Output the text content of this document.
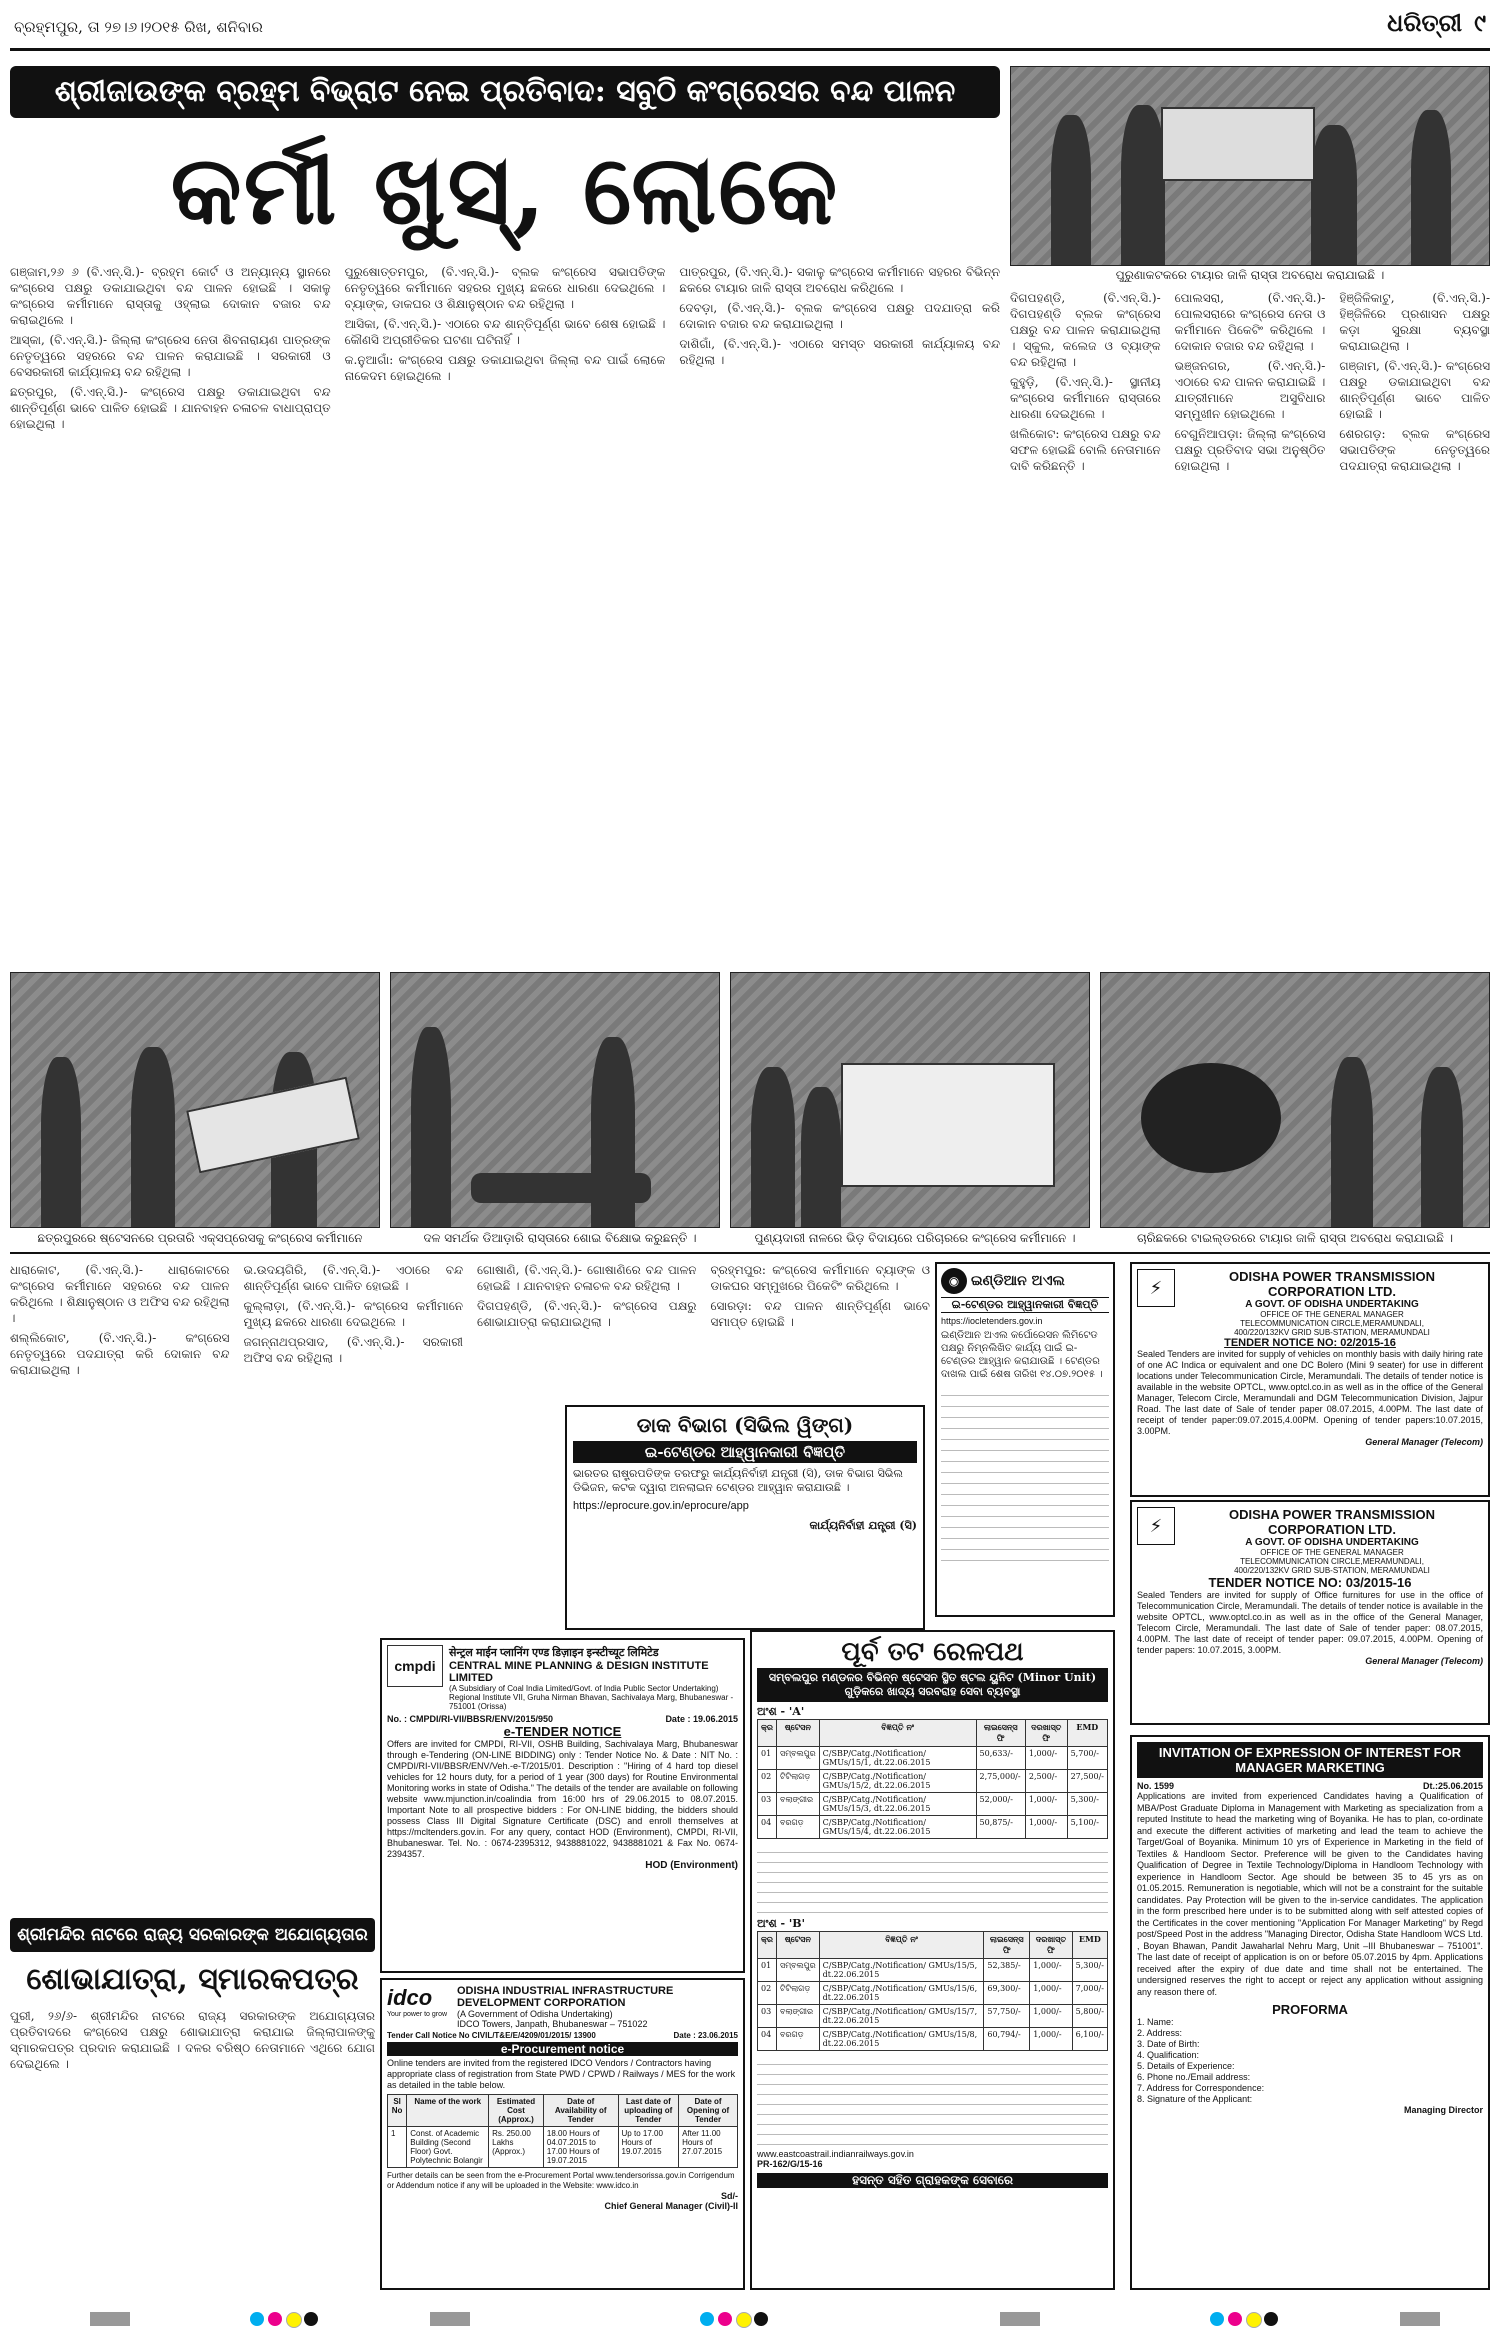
ବ୍ରହ୍ମପୁର, ତା ୨୭।୬।୨୦୧୫ ରିଖ, ଶନିବାର	ଧରିତ୍ରୀ ୯
ଶ୍ରୀଜାଉଙ୍କ ବ୍ରହ୍ମ ବିଭ୍ରାଟ ନେଇ ପ୍ରତିବାଦ: ସବୁଠି କଂଗ୍ରେସର ବନ୍ଦ ପାଳନ
କର୍ମୀ ଖୁସ୍‌, ଲୋକେ
ପୁରୁଣାକଟକରେ ଟାୟାର ଜାଳି ରାସ୍ତା ଅବରୋଧ କରାଯାଇଛି ।

ଗଞ୍ଜାମ,୨୬ ୬ (ବି.ଏନ୍‌.ସି.)- ବ୍ରହ୍ମ କୋର୍ଟ ଓ ଅନ୍ୟାନ୍ୟ ସ୍ଥାନରେ କଂଗ୍ରେସ ପକ୍ଷରୁ ଡକାଯାଇଥିବା ବନ୍ଦ ପାଳନ ହୋଇଛି । ସକାଳୁ କଂଗ୍ରେସ କର୍ମୀମାନେ ରାସ୍ତାକୁ ଓହ୍ଲାଇ ଦୋକାନ ବଜାର ବନ୍ଦ କରାଇଥିଲେ ।

ଆସ୍କା, (ବି.ଏନ୍‌.ସି.)- ଜିଲ୍ଲା କଂଗ୍ରେସ ନେତା ଶିବନାରାୟଣ ପାତ୍ରଙ୍କ ନେତୃତ୍ୱରେ ସହରରେ ବନ୍ଦ ପାଳନ କରାଯାଇଛି । ସରକାରୀ ଓ ବେସରକାରୀ କାର୍ଯ୍ୟାଳୟ ବନ୍ଦ ରହିଥିଲା ।

ଛତ୍ରପୁର, (ବି.ଏନ୍‌.ସି.)- କଂଗ୍ରେସ ପକ୍ଷରୁ ଡକାଯାଇଥିବା ବନ୍ଦ ଶାନ୍ତିପୂର୍ଣ୍ଣ ଭାବେ ପାଳିତ ହୋଇଛି । ଯାନବାହନ ଚଳାଚଳ ବାଧାପ୍ରାପ୍ତ ହୋଇଥିଲା ।

ପୁରୁଷୋତ୍ତମପୁର, (ବି.ଏନ୍‌.ସି.)- ବ୍ଲକ କଂଗ୍ରେସ ସଭାପତିଙ୍କ ନେତୃତ୍ୱରେ କର୍ମୀମାନେ ସହରର ମୁଖ୍ୟ ଛକରେ ଧାରଣା ଦେଇଥିଲେ । ବ୍ୟାଙ୍କ, ଡାକଘର ଓ ଶିକ୍ଷାନୁଷ୍ଠାନ ବନ୍ଦ ରହିଥିଲା ।

ଆସିକା, (ବି.ଏନ୍‌.ସି.)- ଏଠାରେ ବନ୍ଦ ଶାନ୍ତିପୂର୍ଣ୍ଣ ଭାବେ ଶେଷ ହୋଇଛି । କୌଣସି ଅପ୍ରୀତିକର ଘଟଣା ଘଟିନାହିଁ ।

କ.ନୁଆଗାଁ: କଂଗ୍ରେସ ପକ୍ଷରୁ ଡକାଯାଇଥିବା ଜିଲ୍ଲା ବନ୍ଦ ପାଇଁ ଲୋକେ ନାକେଦମ ହୋଇଥିଲେ ।

ପାତ୍ରପୁର, (ବି.ଏନ୍‌.ସି.)- ସକାଳୁ କଂଗ୍ରେସ କର୍ମୀମାନେ ସହରର ବିଭିନ୍ନ ଛକରେ ଟାୟାର ଜାଳି ରାସ୍ତା ଅବରୋଧ କରିଥିଲେ ।

ଦେବଡ଼ା, (ବି.ଏନ୍‌.ସି.)- ବ୍ଲକ କଂଗ୍ରେସ ପକ୍ଷରୁ ପଦଯାତ୍ରା କରି ଦୋକାନ ବଜାର ବନ୍ଦ କରାଯାଇଥିଲା ।

ଦାଶିଗାଁ, (ବି.ଏନ୍‌.ସି.)- ଏଠାରେ ସମସ୍ତ ସରକାରୀ କାର୍ଯ୍ୟାଳୟ ବନ୍ଦ ରହିଥିଲା ।

ଦିଗପହଣ୍ଡି, (ବି.ଏନ୍‌.ସି.)- ଦିଗପହଣ୍ଡି ବ୍ଲକ କଂଗ୍ରେସ ପକ୍ଷରୁ ବନ୍ଦ ପାଳନ କରାଯାଇଥିଲା । ସ୍କୁଲ, କଲେଜ ଓ ବ୍ୟାଙ୍କ ବନ୍ଦ ରହିଥିଲା ।

କୁହୁଡ଼ି, (ବି.ଏନ୍‌.ସି.)- ସ୍ଥାନୀୟ କଂଗ୍ରେସ କର୍ମୀମାନେ ରାସ୍ତାରେ ଧାରଣା ଦେଇଥିଲେ ।

ଖଲିକୋଟ: କଂଗ୍ରେସ ପକ୍ଷରୁ ବନ୍ଦ ସଫଳ ହୋଇଛି ବୋଲି ନେତାମାନେ ଦାବି କରିଛନ୍ତି ।

ପୋଲସରା, (ବି.ଏନ୍‌.ସି.)- ପୋଲସରାରେ କଂଗ୍ରେସ ନେତା ଓ କର୍ମୀମାନେ ପିକେଟିଂ କରିଥିଲେ । ଦୋକାନ ବଜାର ବନ୍ଦ ରହିଥିଲା ।

ଭଞ୍ଜନଗର, (ବି.ଏନ୍‌.ସି.)- ଏଠାରେ ବନ୍ଦ ପାଳନ କରାଯାଇଛି । ଯାତ୍ରୀମାନେ ଅସୁବିଧାର ସମ୍ମୁଖୀନ ହୋଇଥିଲେ ।

ବେଗୁନିଆପଡ଼ା: ଜିଲ୍ଲା କଂଗ୍ରେସ ପକ୍ଷରୁ ପ୍ରତିବାଦ ସଭା ଅନୁଷ୍ଠିତ ହୋଇଥିଲା ।

ହିଞ୍ଜିଳିକାଟୁ, (ବି.ଏନ୍‌.ସି.)- ହିଞ୍ଜିଳିରେ ପ୍ରଶାସନ ପକ୍ଷରୁ କଡ଼ା ସୁରକ୍ଷା ବ୍ୟବସ୍ଥା କରାଯାଇଥିଲା ।

ଗଞ୍ଜାମ, (ବି.ଏନ୍‌.ସି.)- କଂଗ୍ରେସ ପକ୍ଷରୁ ଡକାଯାଇଥିବା ବନ୍ଦ ଶାନ୍ତିପୂର୍ଣ୍ଣ ଭାବେ ପାଳିତ ହୋଇଛି ।

ଶେରଗଡ଼: ବ୍ଲକ କଂଗ୍ରେସ ସଭାପତିଙ୍କ ନେତୃତ୍ୱରେ ପଦଯାତ୍ରା କରାଯାଇଥିଲା ।

ଛତ୍ରପୁରରେ ଷ୍ଟେସନରେ ପ୍ରତାରି ଏକ୍ସପ୍ରେସକୁ କଂଗ୍ରେସ କର୍ମୀମାନେ	ଦଳ ସମର୍ଥକ ଡିଆଡ଼ାରି ରାସ୍ତାରେ ଶୋଇ ବିକ୍ଷୋଭ କରୁଛନ୍ତି ।	ପୁଣ୍ୟଦାରୀ ନାଳରେ ଭିଡ଼ ବିଦାୟରେ ପରିଚାରରେ କଂଗ୍ରେସ କର୍ମୀମାନେ ।	ଚାରିଛକରେ ଟାଇଲ୍ଡରରେ ଟାୟାର ଜାଳି ରାସ୍ତା ଅବରୋଧ କରାଯାଇଛି ।

ଧାରାକୋଟ, (ବି.ଏନ୍‌.ସି.)- ଧାରାକୋଟରେ କଂଗ୍ରେସ କର୍ମୀମାନେ ସହରରେ ବନ୍ଦ ପାଳନ କରିଥିଲେ । ଶିକ୍ଷାନୁଷ୍ଠାନ ଓ ଅଫିସ ବନ୍ଦ ରହିଥିଲା ।

ଶଲ୍ଲିକୋଟ, (ବି.ଏନ୍‌.ସି.)- କଂଗ୍ରେସ ନେତୃତ୍ୱରେ ପଦଯାତ୍ରା କରି ଦୋକାନ ବନ୍ଦ କରାଯାଇଥିଲା ।

ଭ.ଉଦୟଗିରି, (ବି.ଏନ୍‌.ସି.)- ଏଠାରେ ବନ୍ଦ ଶାନ୍ତିପୂର୍ଣ୍ଣ ଭାବେ ପାଳିତ ହୋଇଛି ।

କୁଲ୍ଲାଡ଼ା, (ବି.ଏନ୍‌.ସି.)- କଂଗ୍ରେସ କର୍ମୀମାନେ ମୁଖ୍ୟ ଛକରେ ଧାରଣା ଦେଇଥିଲେ ।

ଜଗନ୍ନାଥପ୍ରସାଦ, (ବି.ଏନ୍‌.ସି.)- ସରକାରୀ ଅଫିସ ବନ୍ଦ ରହିଥିଲା ।

ଗୋଷାଣି, (ବି.ଏନ୍‌.ସି.)- ଗୋଷାଣିରେ ବନ୍ଦ ପାଳନ ହୋଇଛି । ଯାନବାହନ ଚଳାଚଳ ବନ୍ଦ ରହିଥିଲା ।

ଦିଗପହଣ୍ଡି, (ବି.ଏନ୍‌.ସି.)- କଂଗ୍ରେସ ପକ୍ଷରୁ ଶୋଭାଯାତ୍ରା କରାଯାଇଥିଲା ।

ବ୍ରହ୍ମପୁର: କଂଗ୍ରେସ କର୍ମୀମାନେ ବ୍ୟାଙ୍କ ଓ ଡାକଘର ସମ୍ମୁଖରେ ପିକେଟିଂ କରିଥିଲେ ।

ସୋରଡ଼ା: ବନ୍ଦ ପାଳନ ଶାନ୍ତିପୂର୍ଣ୍ଣ ଭାବେ ସମାପ୍ତ ହୋଇଛି ।

ଡାକ ବିଭାଗ (ସିଭିଲ ୱିଙ୍ଗ)
ଇ-ଟେଣ୍ଡର ଆହ୍ୱାନକାରୀ ବିଜ୍ଞପ୍ତି
ଭାରତର ରାଷ୍ଟ୍ରପତିଙ୍କ ତରଫରୁ କାର୍ଯ୍ୟନିର୍ବାହୀ ଯନ୍ତ୍ରୀ (ସି), ଡାକ ବିଭାଗ ସିଭିଲ ଡିଭିଜନ, କଟକ ଦ୍ୱାରା ଅନଲାଇନ ଟେଣ୍ଡର ଆହ୍ୱାନ କରାଯାଉଛି ।
https://eprocure.gov.in/eprocure/app
କାର୍ଯ୍ୟନିର୍ବାହୀ ଯନ୍ତ୍ରୀ (ସି)
ଶ୍ରୀମନ୍ଦିର ନାଟରେ ରାଜ୍ୟ ସରକାରଙ୍କ ଅଯୋଗ୍ୟତାର
ଶୋଭାଯାତ୍ରା, ସ୍ମାରକପତ୍ର
ପୁରୀ, ୨୬/୬- ଶ୍ରୀମନ୍ଦିର ନାଟରେ ରାଜ୍ୟ ସରକାରଙ୍କ ଅଯୋଗ୍ୟତାର ପ୍ରତିବାଦରେ କଂଗ୍ରେସ ପକ୍ଷରୁ ଶୋଭାଯାତ୍ରା କରାଯାଇ ଜିଲ୍ଲାପାଳଙ୍କୁ ସ୍ମାରକପତ୍ର ପ୍ରଦାନ କରାଯାଇଛି । ଦଳର ବରିଷ୍ଠ ନେତାମାନେ ଏଥିରେ ଯୋଗ ଦେଇଥିଲେ ।
cmpdi
सेन्ट्रल माईन प्लानिंग एण्ड डिज़ाइन इन्स्टीच्यूट लिमिटेड
CENTRAL MINE PLANNING & DESIGN INSTITUTE LIMITED
(A Subsidiary of Coal India Limited/Govt. of India Public Sector Undertaking)
Regional Institute VII, Gruha Nirman Bhavan, Sachivalaya Marg, Bhubaneswar - 751001 (Orissa)
No. : CMPDI/RI-VII/BBSR/ENV/2015/950	Date : 19.06.2015
e-TENDER NOTICE
Offers are invited for CMPDI, RI-VII, OSHB Building, Sachivalaya Marg, Bhubaneswar through e-Tendering (ON-LINE BIDDING) only : Tender Notice No. & Date : NIT No. : CMPDI/RI-VII/BBSR/ENV/Veh.-e-T/2015/01. Description : "Hiring of 4 hard top diesel vehicles for 12 hours duty, for a period of 1 year (300 days) for Routine Environmental Monitoring works in state of Odisha." The details of the tender are available on following website www.mjunction.in/coalindia from 16:00 hrs of 29.06.2015 to 08.07.2015. Important Note to all prospective bidders : For ON-LINE bidding, the bidders should possess Class III Digital Signature Certificate (DSC) and enroll themselves at https://mcltenders.gov.in. For any query, contact HOD (Environment), CMPDI, RI-VII, Bhubaneswar. Tel. No. : 0674-2395312, 9438881022, 9438881021 & Fax No. 0674-2394357.
HOD (Environment)
idco
Your power to grow
ODISHA INDUSTRIAL INFRASTRUCTURE DEVELOPMENT CORPORATION
(A Government of Odisha Undertaking)
IDCO Towers, Janpath, Bhubaneswar – 751022
Tender Call Notice No CIVIL/T&E/E/4209/01/2015/ 13900	Date : 23.06.2015
e-Procurement notice
Online tenders are invited from the registered IDCO Vendors / Contractors having appropriate class of registration from State PWD / CPWD / Railways / MES for the work as detailed in the table below.
Sl No	Name of the work	Estimated Cost (Approx.)	Date of Availability of Tender	Last date of uploading of Tender	Date of Opening of Tender
1	Const. of Academic Building (Second Floor) Govt. Polytechnic Bolangir	Rs. 250.00 Lakhs (Approx.)	18.00 Hours of 04.07.2015 to 17.00 Hours of 19.07.2015	Up to 17.00 Hours of 19.07.2015	After 11.00 Hours of 27.07.2015
Further details can be seen from the e-Procurement Portal www.tendersorissa.gov.in Corrigendum or Addendum notice if any will be uploaded in the Website: www.idco.in
Sd/-
Chief General Manager (Civil)-II
◉ ଇଣ୍ଡିଆନ ଅଏଲ
ଇ-ଟେଣ୍ଡର ଆହ୍ୱାନକାରୀ ବିଜ୍ଞପ୍ତି
https://iocletenders.gov.in
ଇଣ୍ଡିଆନ ଅଏଲ କର୍ପୋରେସନ ଲିମିଟେଡ ପକ୍ଷରୁ ନିମ୍ନଲିଖିତ କାର୍ଯ୍ୟ ପାଇଁ ଇ-ଟେଣ୍ଡର ଆହ୍ୱାନ କରାଯାଉଛି । ଟେଣ୍ଡର ଦାଖଲ ପାଇଁ ଶେଷ ତାରିଖ ୧୪.୦୭.୨୦୧୫ ।
ପୂର୍ବ ତଟ ରେଳପଥ
ସମ୍ବଲପୁର ମଣ୍ଡଳର ବିଭିନ୍ନ ଷ୍ଟେସନ ସ୍ଥିତ ଷ୍ଟଲ ୟୁନିଟ (Minor Unit) ଗୁଡ଼ିକରେ ଖାଦ୍ୟ ସରବରାହ ସେବା ବ୍ୟବସ୍ଥା
ଅଂଶ - 'A'
କ୍ର	ଷ୍ଟେସନ	ବିଜ୍ଞପ୍ତି ନଂ	ଲାଇସେନ୍ସ ଫି	ଦରଖାସ୍ତ ଫି	EMD
01	ସମ୍ବଲପୁର	C/SBP/Catg./Notification/ GMUs/15/1, dt.22.06.2015	50,633/-	1,000/-	5,700/-
02	ଟିଟିଲାଗଡ଼	C/SBP/Catg./Notification/ GMUs/15/2, dt.22.06.2015	2,75,000/-	2,500/-	27,500/-
03	ବଲାଙ୍ଗୀର	C/SBP/Catg./Notification/ GMUs/15/3, dt.22.06.2015	52,000/-	1,000/-	5,300/-
04	ବରଗଡ଼	C/SBP/Catg./Notification/ GMUs/15/4, dt.22.06.2015	50,875/-	1,000/-	5,100/-
ଅଂଶ - 'B'
କ୍ର	ଷ୍ଟେସନ	ବିଜ୍ଞପ୍ତି ନଂ	ଲାଇସେନ୍ସ ଫି	ଦରଖାସ୍ତ ଫି	EMD
01	ସମ୍ବଲପୁର	C/SBP/Catg./Notification/ GMUs/15/5, dt.22.06.2015	52,385/-	1,000/-	5,300/-
02	ଟିଟିଲାଗଡ଼	C/SBP/Catg./Notification/ GMUs/15/6, dt.22.06.2015	69,300/-	1,000/-	7,000/-
03	ବଲାଙ୍ଗୀର	C/SBP/Catg./Notification/ GMUs/15/7, dt.22.06.2015	57,750/-	1,000/-	5,800/-
04	ବରଗଡ଼	C/SBP/Catg./Notification/ GMUs/15/8, dt.22.06.2015	60,794/-	1,000/-	6,100/-
www.eastcoastrail.indianrailways.gov.in
PR-162/G/15-16
ହସନ୍ତ ସହିତ ଗ୍ରାହକଙ୍କ ସେବାରେ
⚡
ODISHA POWER TRANSMISSION CORPORATION LTD.
A GOVT. OF ODISHA UNDERTAKING
OFFICE OF THE GENERAL MANAGER
TELECOMMUNICATION CIRCLE,MERAMUNDALI,
400/220/132KV GRID SUB-STATION, MERAMUNDALI
TENDER NOTICE NO: 02/2015-16
Sealed Tenders are invited for supply of vehicles on monthly basis with daily hiring rate of one AC Indica or equivalent and one DC Bolero (Mini 9 seater) for use in different locations under Telecommunication Circle, Meramundali. The details of tender notice is available in the website OPTCL, www.optcl.co.in as well as in the office of the General Manager, Telecom Circle, Meramundali and DGM Telecommunication Division, Jajpur Road. The last date of Sale of tender paper 08.07.2015, 4.00PM. The last date of receipt of tender paper:09.07.2015,4.00PM. Opening of tender papers:10.07.2015, 3.00PM.
General Manager (Telecom)
⚡
ODISHA POWER TRANSMISSION CORPORATION LTD.
A GOVT. OF ODISHA UNDERTAKING
OFFICE OF THE GENERAL MANAGER
TELECOMMUNICATION CIRCLE,MERAMUNDALI,
400/220/132KV GRID SUB-STATION, MERAMUNDALI
TENDER NOTICE NO: 03/2015-16
Sealed Tenders are invited for supply of Office furnitures for use in the office of Telecommunication Circle, Meramundali. The details of tender notice is available in the website OPTCL, www.optcl.co.in as well as in the office of the General Manager, Telecom Circle, Meramundali. The last date of Sale of tender paper: 08.07.2015, 4.00PM. The last date of receipt of tender paper: 09.07.2015, 4.00PM. Opening of tender papers: 10.07.2015, 3.00PM.
General Manager (Telecom)
INVITATION OF EXPRESSION OF INTEREST FOR MANAGER MARKETING
No. 1599	Dt.:25.06.2015
Applications are invited from experienced Candidates having a Qualification of MBA/Post Graduate Diploma in Management with Marketing as specialization from a reputed Institute to head the marketing wing of Boyanika. He has to plan, co-ordinate and execute the different activities of marketing and lead the team to achieve the Target/Goal of Boyanika. Minimum 10 yrs of Experience in Marketing in the field of Textiles & Handloom Sector. Preference will be given to the Candidates having Qualification of Degree in Textile Technology/Diploma in Handloom Technology with experience in Handloom Sector. Age should be between 35 to 45 yrs as on 01.05.2015. Remuneration is negotiable, which will not be a constraint for the suitable candidates. Pay Protection will be given to the in-service candidates. The application in the form prescribed here under is to be submitted along with self attested copies of the Certificates in the cover mentioning "Application For Manager Marketing" by Regd post/Speed Post in the address "Managing Director, Odisha State Handloom WCS Ltd. , Boyan Bhawan, Pandit Jawaharlal Nehru Marg, Unit –III Bhubaneswar – 751001". The last date of receipt of application is on or before 05.07.2015 by 4pm. Applications received after the expiry of due date and time shall not be entertained. The undersigned reserves the right to accept or reject any application without assigning any reason there of.
PROFORMA
1. Name:
2. Address:
3. Date of Birth:
4. Qualification:
5. Details of Experience:
6. Phone no./Email address:
7. Address for Correspondence:
8. Signature of the Applicant:
Managing Director
